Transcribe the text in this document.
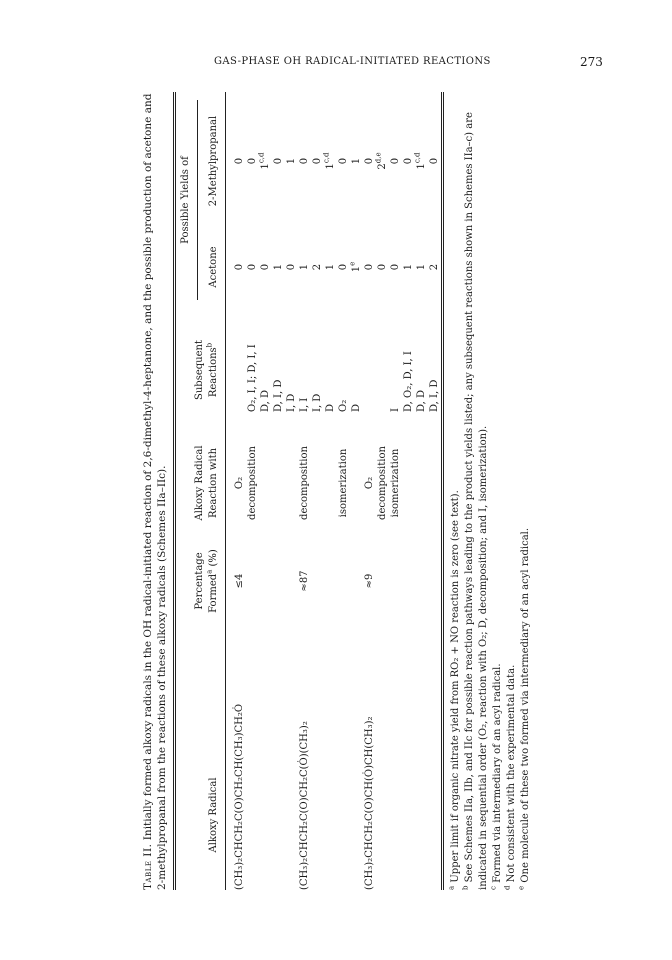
GAS-PHASE OH RADICAL-INITIATED REACTIONS	273
Table II. Initially formed alkoxy radicals in the OH radical-initiated reaction of 2,6-dimethyl-4-heptanone, and the possible production of acetone and 2-methylpropanal from the reactions of these alkoxy radicals (Schemes IIa–IIc).	Alkoxy Radical
Percentage Formed$^a$ (%)
Alkoxy Radical Reaction with
Subsequent Reactions$^b$
Possible Yields of
Acetone
2-Methylpropanal
(CH₃)₂CHCH₂C(O)CH₂CH(CH₃)CH₂Ȯ
≤4
O₂
0
0
decomposition
O₂, I, I; D, I, I
0
0
D, D
0
1$^{c,d}$
D, I, D
1
0
I, D
0
1
(CH₃)₂CHCH₂C(O)CH₂C(Ȯ)(CH₃)₂
≈87
decomposition
I, I
1
0
I, D
2
0
D
1
1$^{c,d}$
isomerization
O₂
0
0
D
1e
1
(CH₃)₂CHCH₂C(O)CH(Ȯ)CH(CH₃)₂
≈9
O₂
0
0
decomposition
0
2$^{d,e}$
isomerization
I
0
0
D, O₂, D, I, I
1
0
D, D
1
1$^{c,d}$
D, I, D
2
0
$^a$ Upper limit if organic nitrate yield from RO₂ + NO reaction is zero (see text).
$^b$ See Schemes IIa, IIb, and IIc for possible reaction pathways leading to the product yields listed; any subsequent reactions shown in Schemes IIa–c) are indicated in sequential order (O₂, reaction with O₂; D, decomposition; and I, isomerization). $^c$ Formed via intermediary of an acyl radical.
$^d$ Not consistent with the experimental data.
$^e$ One molecule of these two formed via intermediary of an acyl radical.
